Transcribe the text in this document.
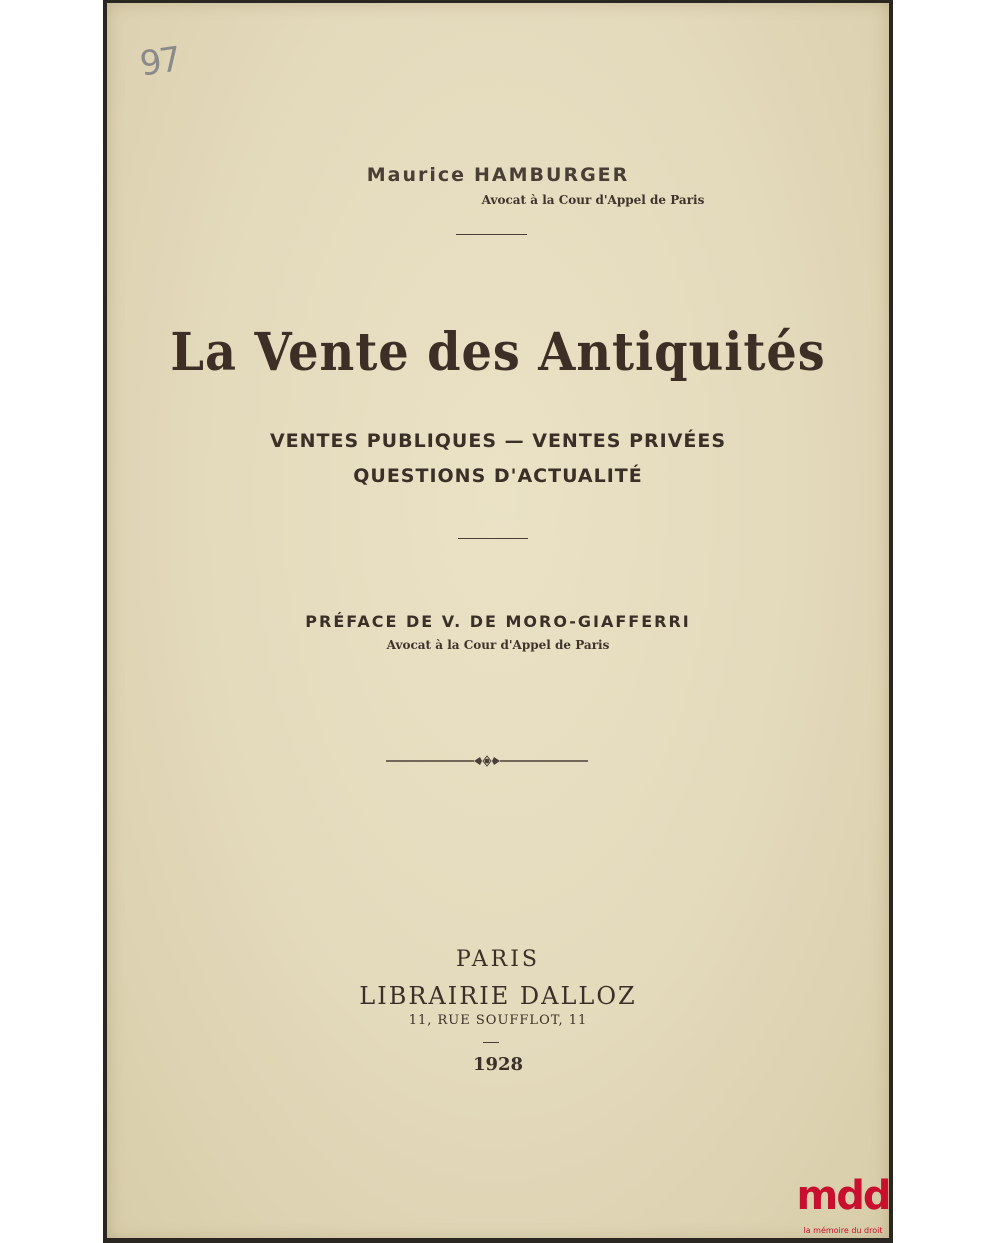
97
Maurice HAMBURGER
Avocat à la Cour d'Appel de Paris
La Vente des Antiquités
VENTES PUBLIQUES — VENTES PRIVÉES
QUESTIONS D'ACTUALITÉ
PRÉFACE DE V. DE MORO-GIAFFERRI
Avocat à la Cour d'Appel de Paris
PARIS
LIBRAIRIE DALLOZ
11, RUE SOUFFLOT, 11
1928
mdd
la mémoire du droit
